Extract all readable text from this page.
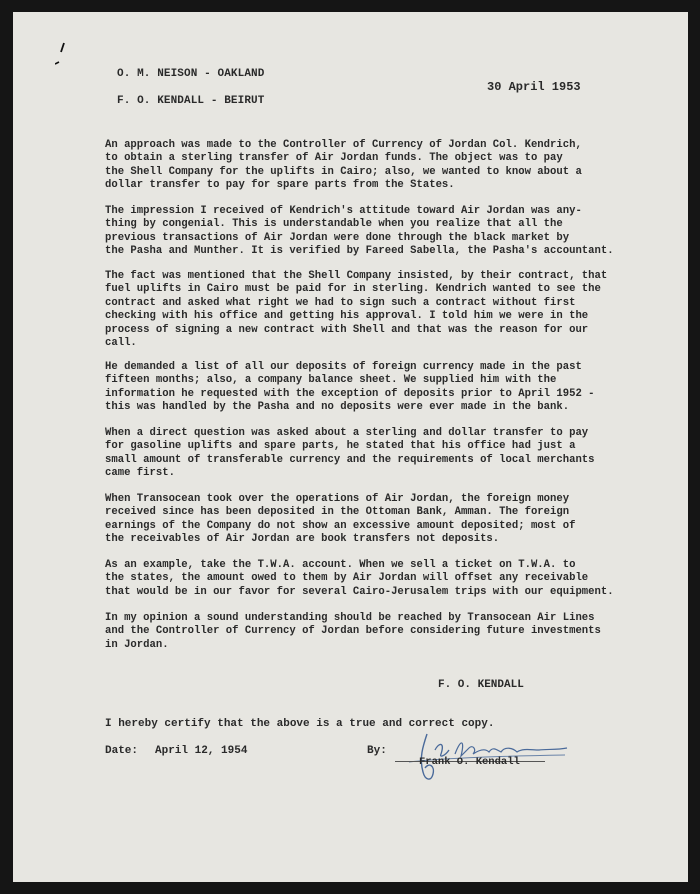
O. M. NEISON - OAKLAND
F. O. KENDALL - BEIRUT
30 April 1953
An approach was made to the Controller of Currency of Jordan Col. Kendrich,
to obtain a sterling transfer of Air Jordan funds. The object was to pay
the Shell Company for the uplifts in Cairo; also, we wanted to know about a
dollar transfer to pay for spare parts from the States.
The impression I received of Kendrich's attitude toward Air Jordan was any-
thing by congenial. This is understandable when you realize that all the
previous transactions of Air Jordan were done through the black market by
the Pasha and Munther. It is verified by Fareed Sabella, the Pasha's accountant.
The fact was mentioned that the Shell Company insisted, by their contract, that
fuel uplifts in Cairo must be paid for in sterling. Kendrich wanted to see the
contract and asked what right we had to sign such a contract without first
checking with his office and getting his approval. I told him we were in the
process of signing a new contract with Shell and that was the reason for our
call.
He demanded a list of all our deposits of foreign currency made in the past
fifteen months; also, a company balance sheet. We supplied him with the
information he requested with the exception of deposits prior to April 1952 -
this was handled by the Pasha and no deposits were ever made in the bank.
When a direct question was asked about a sterling and dollar transfer to pay
for gasoline uplifts and spare parts, he stated that his office had just a
small amount of transferable currency and the requirements of local merchants
came first.
When Transocean took over the operations of Air Jordan, the foreign money
received since has been deposited in the Ottoman Bank, Amman. The foreign
earnings of the Company do not show an excessive amount deposited; most of
the receivables of Air Jordan are book transfers not deposits.
As an example, take the T.W.A. account. When we sell a ticket on T.W.A. to
the states, the amount owed to them by Air Jordan will offset any receivable
that would be in our favor for several Cairo-Jerusalem trips with our equipment.
In my opinion a sound understanding should be reached by Transocean Air Lines
and the Controller of Currency of Jordan before considering future investments
in Jordan.
F. O. KENDALL
I hereby certify that the above is a true and correct copy.
Date: April 12, 1954	By:
Frank O. Kendall
